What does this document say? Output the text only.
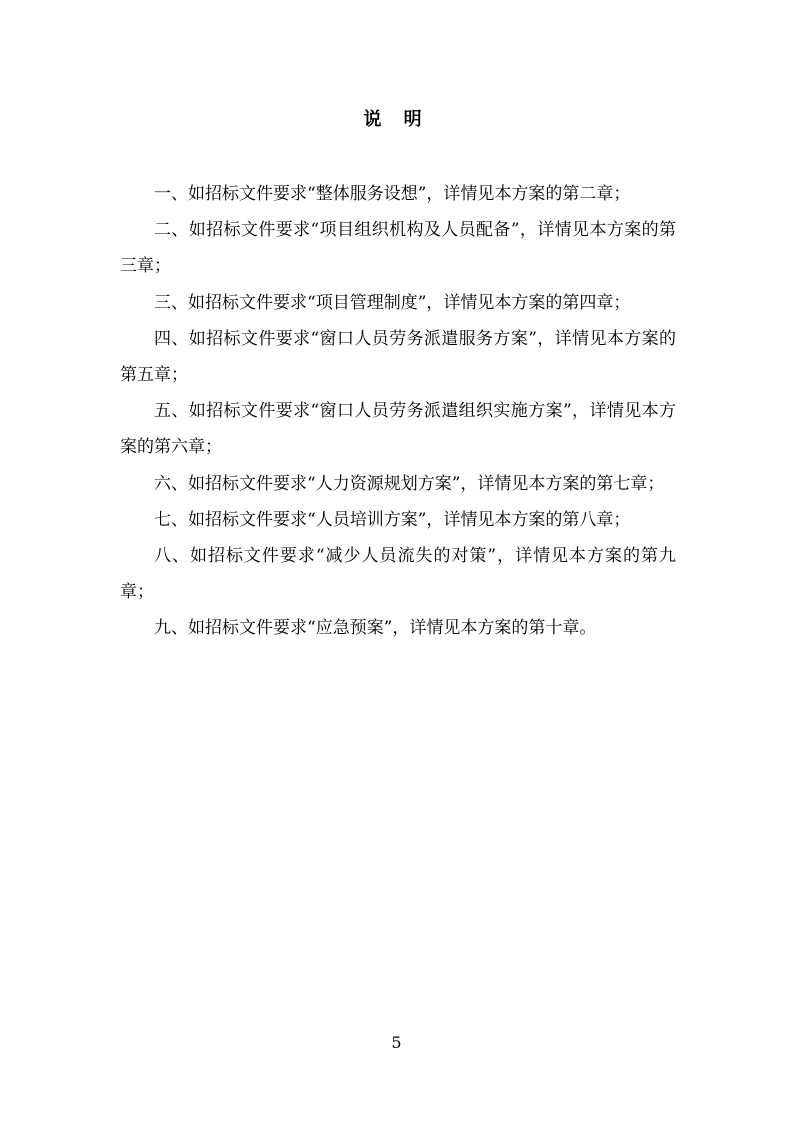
说 明

一、如招标文件要求“整体服务设想”，详情见本方案的第二章；

二、如招标文件要求“项目组织机构及人员配备”，详情见本方案的第三章；

三、如招标文件要求“项目管理制度”，详情见本方案的第四章；

四、如招标文件要求“窗口人员劳务派遣服务方案”，详情见本方案的第五章；

五、如招标文件要求“窗口人员劳务派遣组织实施方案”，详情见本方案的第六章；

六、如招标文件要求“人力资源规划方案”，详情见本方案的第七章；

七、如招标文件要求“人员培训方案”，详情见本方案的第八章；

八、如招标文件要求“减少人员流失的对策”，详情见本方案的第九章；

九、如招标文件要求“应急预案”，详情见本方案的第十章。

5
